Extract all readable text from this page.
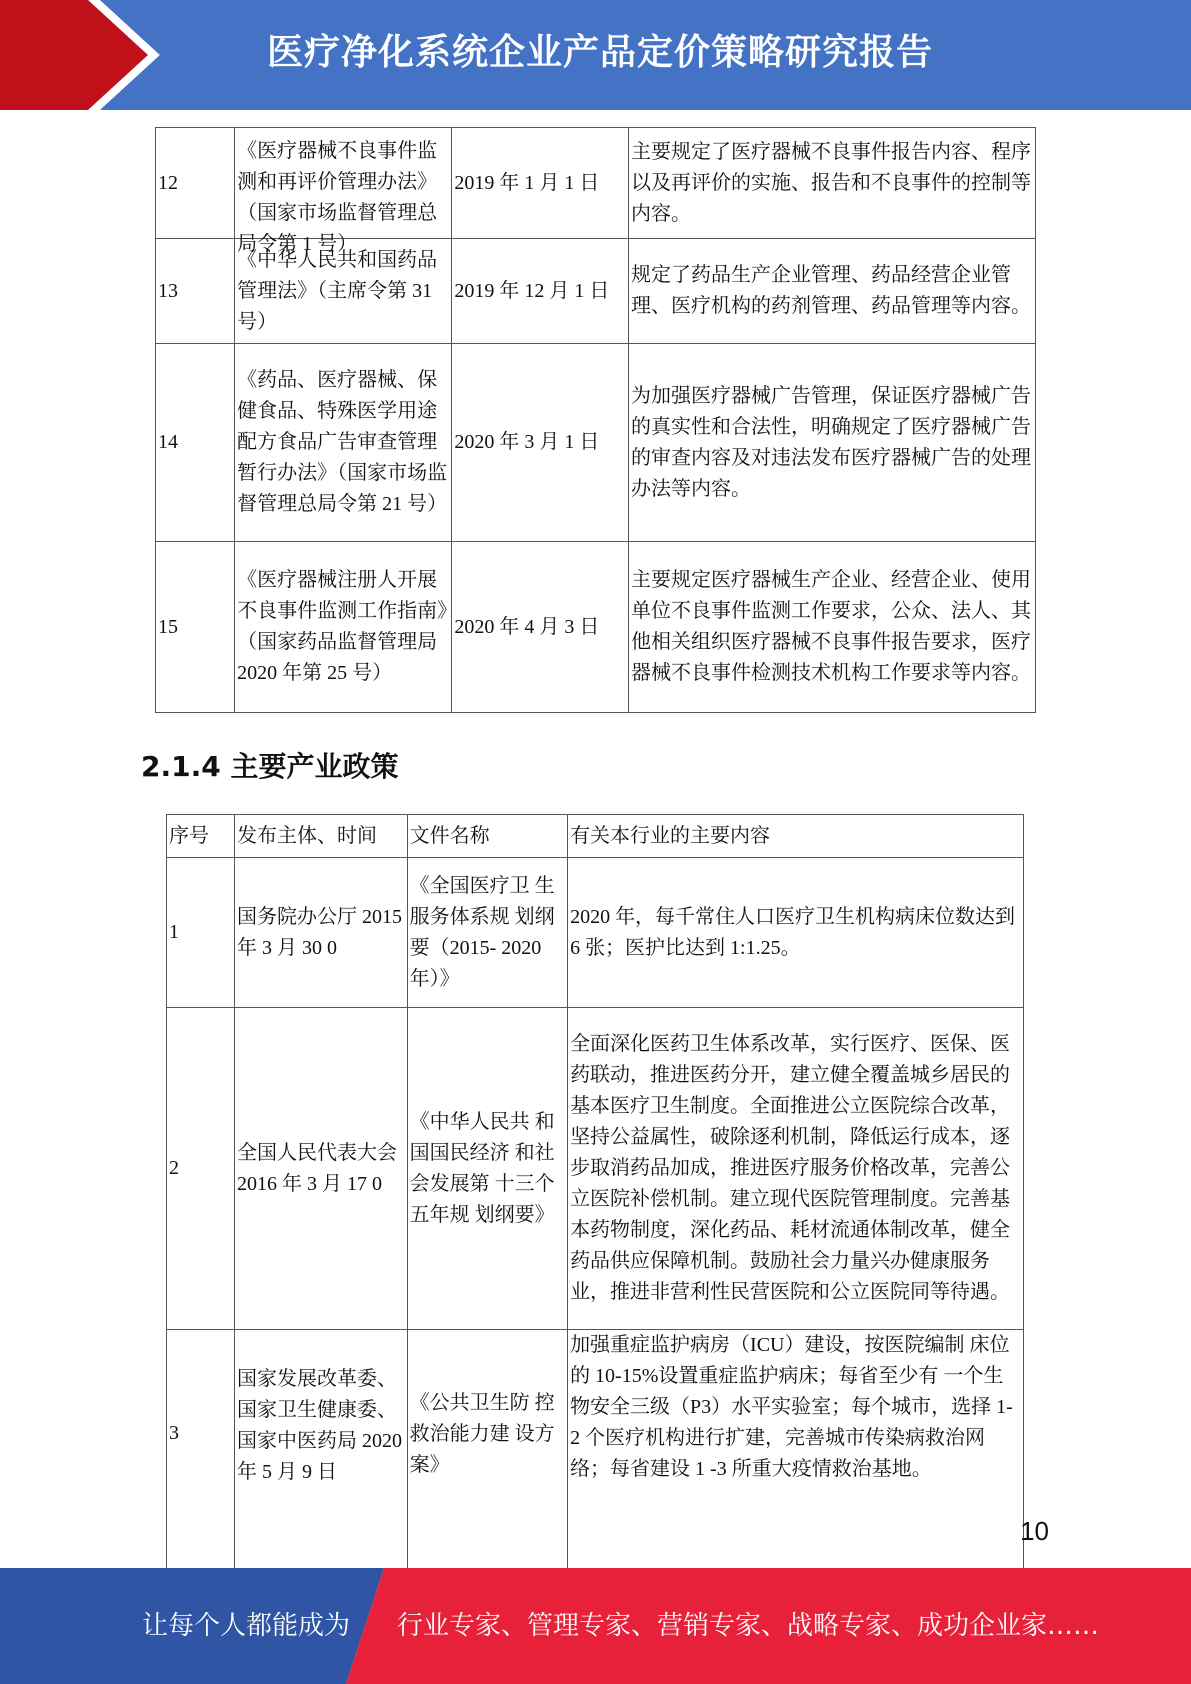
医疗净化系统企业产品定价策略研究报告
12	《医疗器械不良事件监测和再评价管理办法》（国家市场监督管理总局令第 1 号）	2019 年 1 月 1 日	主要规定了医疗器械不良事件报告内容、程序以及再评价的实施、报告和不良事件的控制等内容。
13	《中华人民共和国药品管理法》（主席令第 31 号）	2019 年 12 月 1 日	规定了药品生产企业管理、药品经营企业管理、医疗机构的药剂管理、药品管理等内容。
14	《药品、医疗器械、保健食品、特殊医学用途配方食品广告审查管理暂行办法》（国家市场监督管理总局令第 21 号）	2020 年 3 月 1 日	为加强医疗器械广告管理，保证医疗器械广告的真实性和合法性，明确规定了医疗器械广告的审查内容及对违法发布医疗器械广告的处理办法等内容。
15	《医疗器械注册人开展不良事件监测工作指南》（国家药品监督管理局 2020 年第 25 号）	2020 年 4 月 3 日	主要规定医疗器械生产企业、经营企业、使用单位不良事件监测工作要求，公众、法人、其他相关组织医疗器械不良事件报告要求，医疗器械不良事件检测技术机构工作要求等内容。
2.1.4 主要产业政策
序号	发布主体、时间	文件名称	有关本行业的主要内容
1	国务院办公厅 2015 年 3 月 30 0	《全国医疗卫 生服务体系规 划纲要（2015- 2020 年）》	2020 年，每千常住人口医疗卫生机构病床位数达到 6 张；医护比达到 1:1.25。
2	全国人民代表大会 2016 年 3 月 17 0	《中华人民共 和国国民经济 和社会发展第 十三个五年规 划纲要》	全面深化医药卫生体系改革，实行医疗、医保、医药联动，推进医药分开，建立健全覆盖城乡居民的基本医疗卫生制度。全面推进公立医院综合改革，坚持公益属性，破除逐利机制，降低运行成本，逐步取消药品加成，推进医疗服务价格改革，完善公立医院补偿机制。建立现代医院管理制度。完善基本药物制度，深化药品、耗材流通体制改革，健全药品供应保障机制。鼓励社会力量兴办健康服务业，推进非营利性民营医院和公立医院同等待遇。
3	国家发展改革委、国家卫生健康委、国家中医药局 2020 年 5 月 9 日	《公共卫生防 控救治能力建 设方案》	加强重症监护病房（ICU）建设，按医院编制 床位的 10-15%设置重症监护病床；每省至少有 一个生物安全三级（P3）水平实验室；每个城市，选择 1-2 个医疗机构进行扩建，完善城市传染病救治网络；每省建设 1 -3 所重大疫情救治基地。
10
让每个人都能成为 行业专家、管理专家、营销专家、战略专家、成功企业家……
